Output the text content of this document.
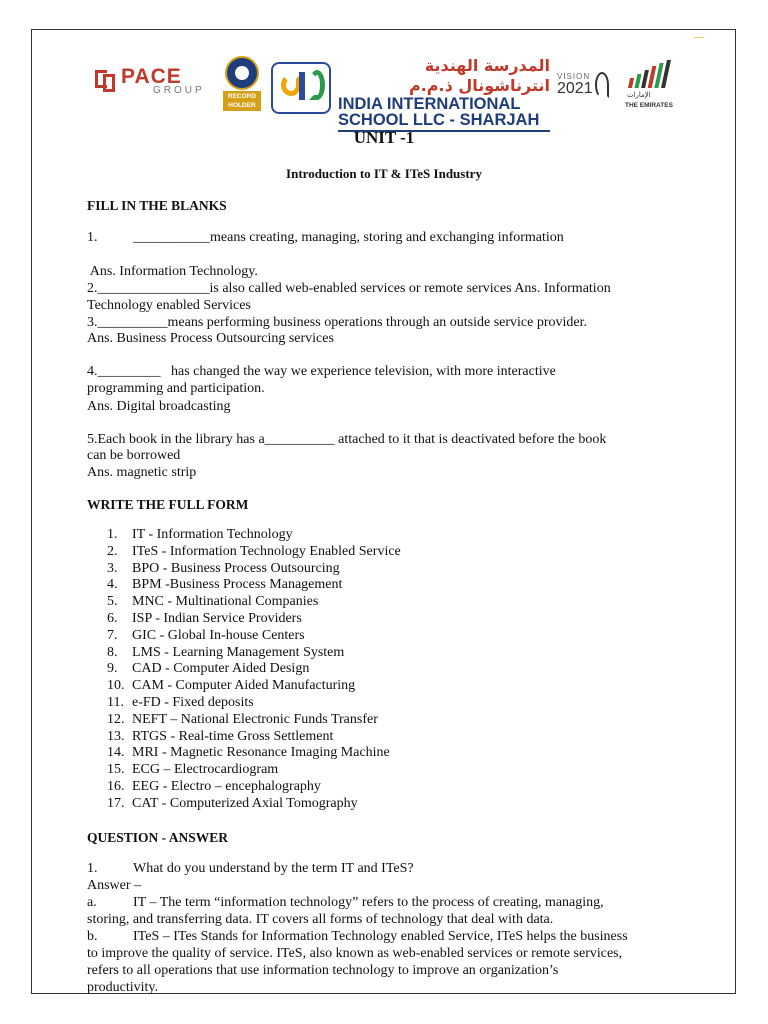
PACE
GROUP
RECORD HOLDER
المدرسة الهندية انترناشونال ذ.م.م
INDIA INTERNATIONAL
SCHOOL LLC - SHARJAH
VISION
2021	الإمارات
THE EMIRATES
UNIT -1
Introduction to IT & ITeS Industry
FILL IN THE BLANKS
1.	___________means creating, managing, storing and exchanging information
Ans. Information Technology.
2.________________is also called web-enabled services or remote services Ans. Information
Technology enabled Services
3.__________means performing business operations through an outside service provider.
Ans. Business Process Outsourcing services
4._________   has changed the way we experience television, with more interactive
programming and participation.
Ans. Digital broadcasting
5.Each book in the library has a__________ attached to it that is deactivated before the book
can be borrowed
Ans. magnetic strip
WRITE THE FULL FORM
1. IT - Information Technology
2. ITeS - Information Technology Enabled Service
3. BPO - Business Process Outsourcing
4. BPM -Business Process Management
5. MNC - Multinational Companies
6. ISP - Indian Service Providers
7. GIC - Global In-house Centers
8. LMS - Learning Management System
9. CAD - Computer Aided Design
10. CAM - Computer Aided Manufacturing
11. e-FD - Fixed deposits
12. NEFT – National Electronic Funds Transfer
13. RTGS - Real-time Gross Settlement
14. MRI - Magnetic Resonance Imaging Machine
15. ECG – Electrocardiogram
16. EEG - Electro – encephalography
17. CAT - Computerized Axial Tomography
QUESTION - ANSWER
1.	What do you understand by the term IT and ITeS?
Answer –
a.	IT – The term “information technology” refers to the process of creating, managing,
storing, and transferring data. IT covers all forms of technology that deal with data.
b.	ITeS – ITes Stands for Information Technology enabled Service, ITeS helps the business
to improve the quality of service. ITeS, also known as web-enabled services or remote services,
refers to all operations that use information technology to improve an organization’s
productivity.
